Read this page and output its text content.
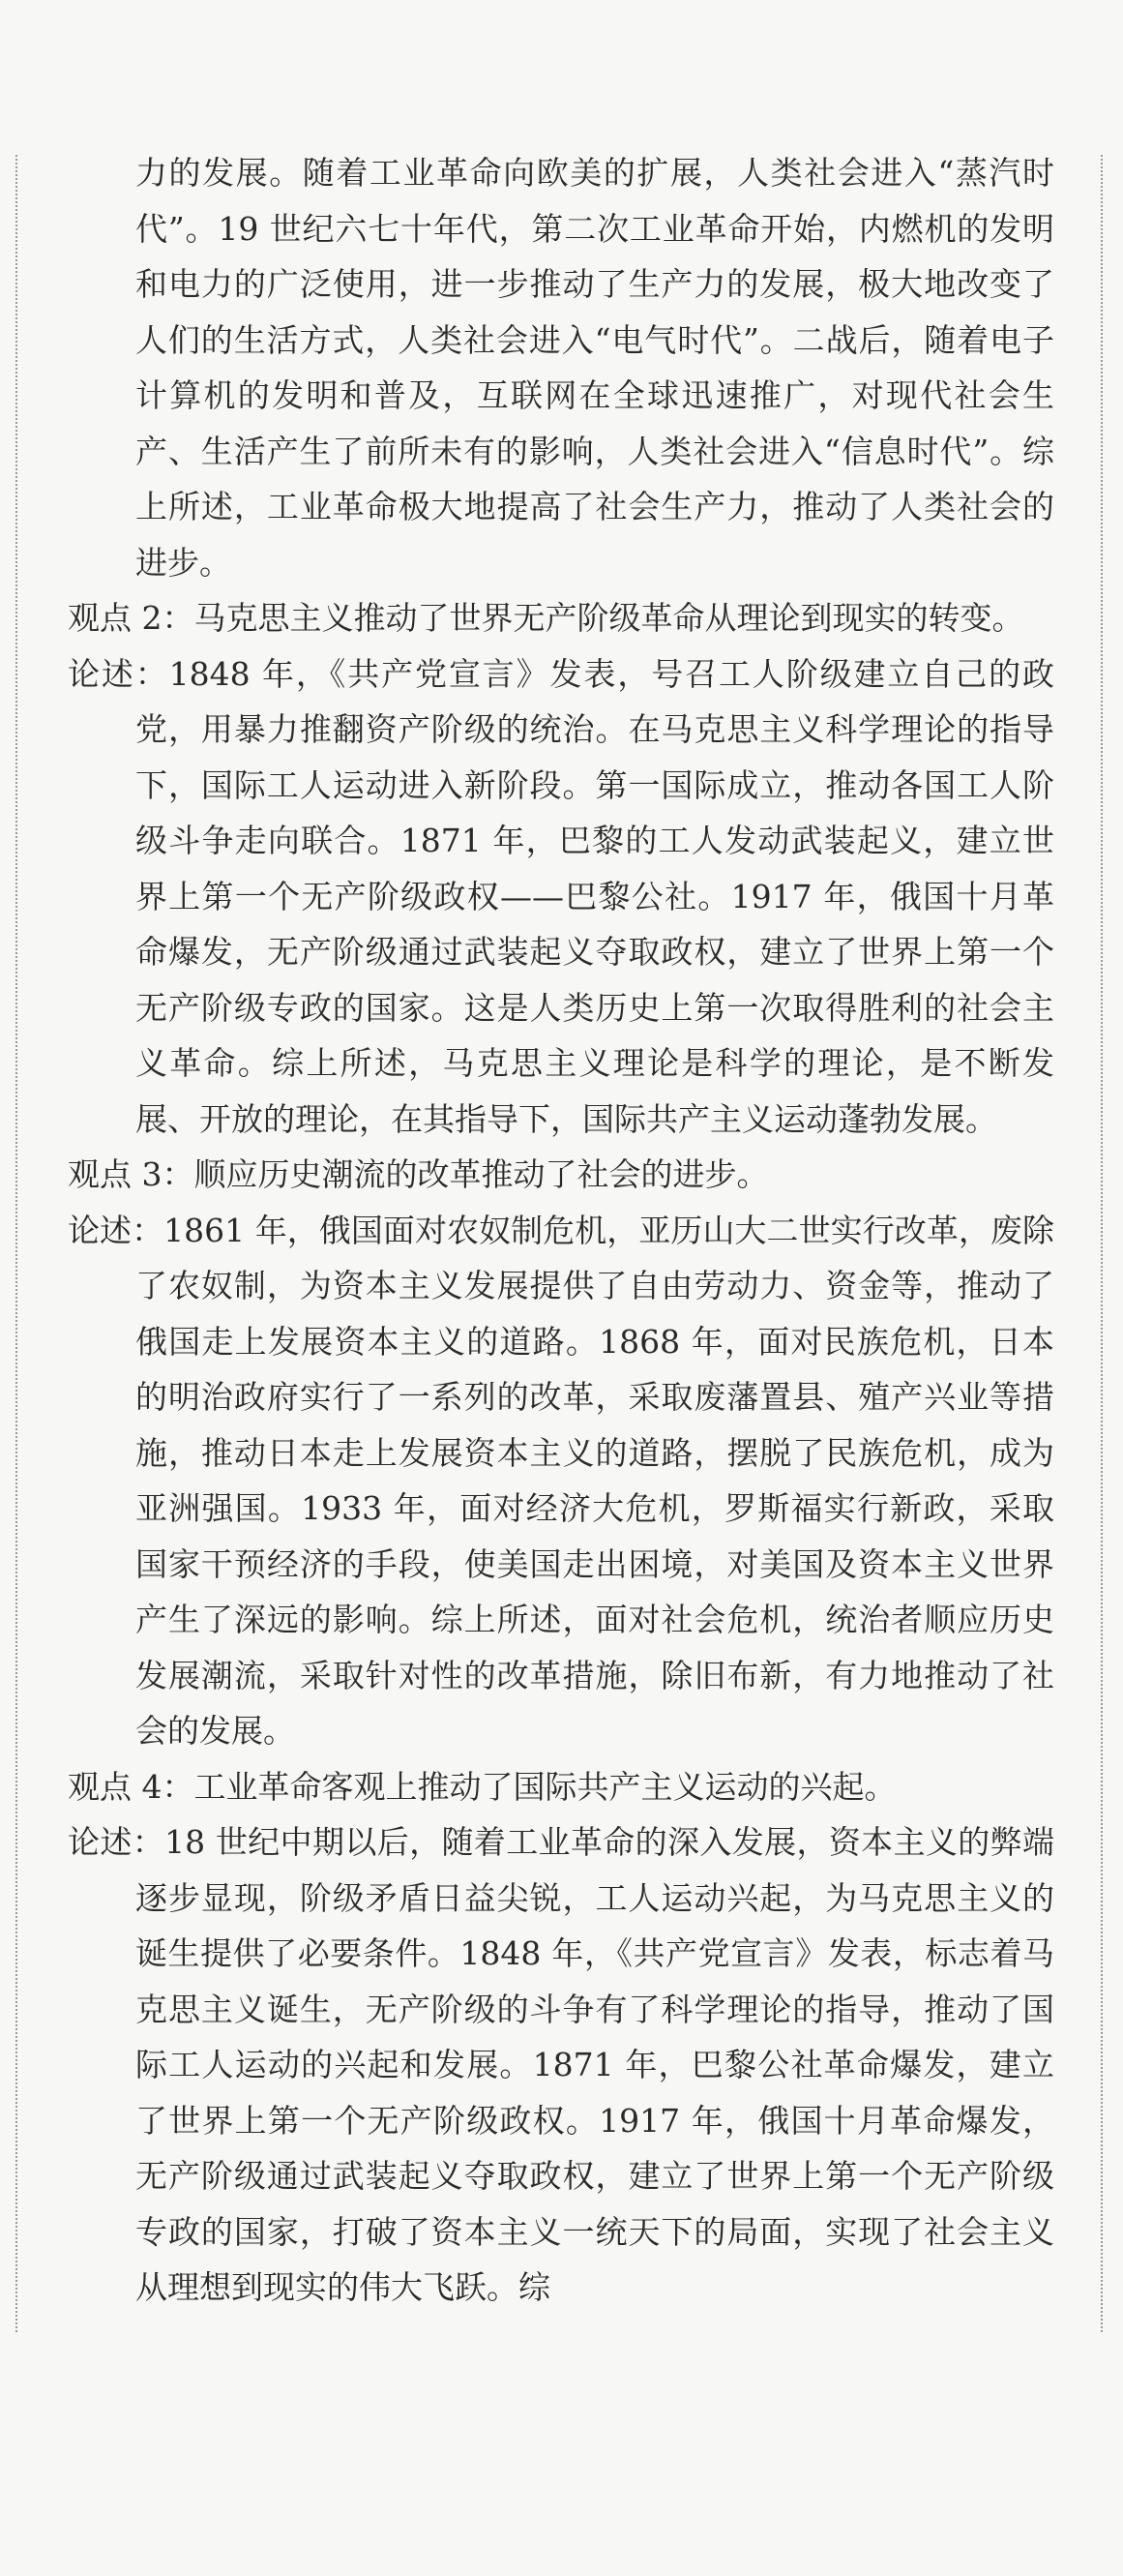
力的发展。随着工业革命向欧美的扩展，人类社会进入“蒸汽时代”。19 世纪六七十年代，第二次工业革命开始，内燃机的发明和电力的广泛使用，进一步推动了生产力的发展，极大地改变了人们的生活方式，人类社会进入“电气时代”。二战后，随着电子计算机的发明和普及，互联网在全球迅速推广，对现代社会生产、生活产生了前所未有的影响，人类社会进入“信息时代”。综上所述，工业革命极大地提高了社会生产力，推动了人类社会的进步。

观点 2：马克思主义推动了世界无产阶级革命从理论到现实的转变。

论述：1848 年，《共产党宣言》发表，号召工人阶级建立自己的政党，用暴力推翻资产阶级的统治。在马克思主义科学理论的指导下，国际工人运动进入新阶段。第一国际成立，推动各国工人阶级斗争走向联合。1871 年，巴黎的工人发动武装起义，建立世界上第一个无产阶级政权——巴黎公社。1917 年，俄国十月革命爆发，无产阶级通过武装起义夺取政权，建立了世界上第一个无产阶级专政的国家。这是人类历史上第一次取得胜利的社会主义革命。综上所述，马克思主义理论是科学的理论，是不断发展、开放的理论，在其指导下，国际共产主义运动蓬勃发展。

观点 3：顺应历史潮流的改革推动了社会的进步。

论述：1861 年，俄国面对农奴制危机，亚历山大二世实行改革，废除了农奴制，为资本主义发展提供了自由劳动力、资金等，推动了俄国走上发展资本主义的道路。1868 年，面对民族危机，日本的明治政府实行了一系列的改革，采取废藩置县、殖产兴业等措施，推动日本走上发展资本主义的道路，摆脱了民族危机，成为亚洲强国。1933 年，面对经济大危机，罗斯福实行新政，采取国家干预经济的手段，使美国走出困境，对美国及资本主义世界产生了深远的影响。综上所述，面对社会危机，统治者顺应历史发展潮流，采取针对性的改革措施，除旧布新，有力地推动了社会的发展。

观点 4：工业革命客观上推动了国际共产主义运动的兴起。

论述：18 世纪中期以后，随着工业革命的深入发展，资本主义的弊端逐步显现，阶级矛盾日益尖锐，工人运动兴起，为马克思主义的诞生提供了必要条件。1848 年，《共产党宣言》发表，标志着马克思主义诞生，无产阶级的斗争有了科学理论的指导，推动了国际工人运动的兴起和发展。1871 年，巴黎公社革命爆发，建立了世界上第一个无产阶级政权。1917 年，俄国十月革命爆发，无产阶级通过武装起义夺取政权，建立了世界上第一个无产阶级专政的国家，打破了资本主义一统天下的局面，实现了社会主义从理想到现实的伟大飞跃。综
